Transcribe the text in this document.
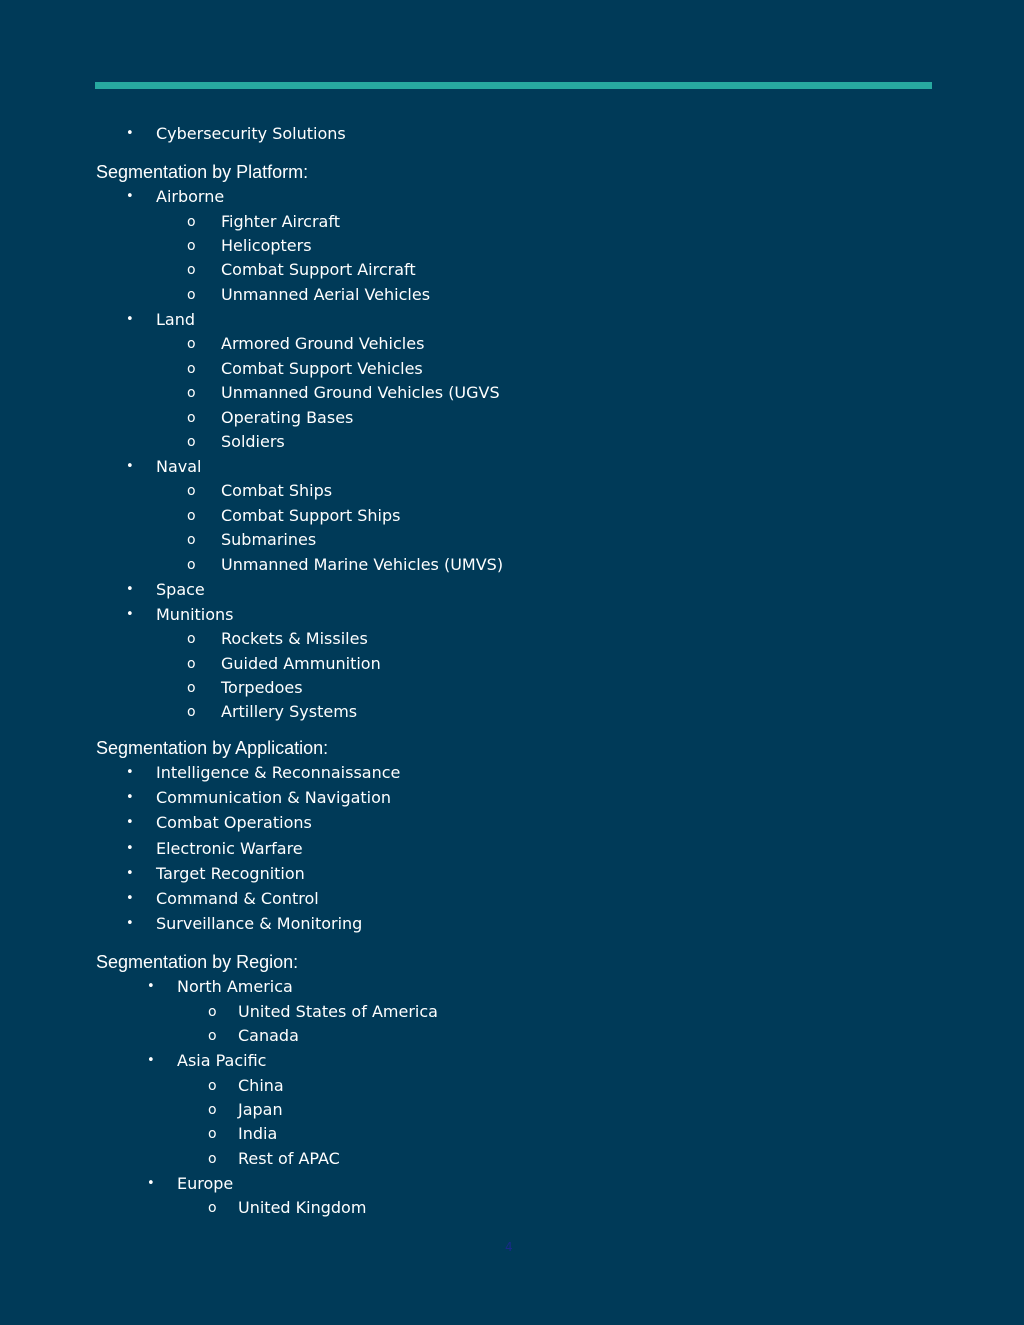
• Cybersecurity Solutions
Segmentation by Platform:
Segmentation by Application:
Segmentation by Region:
• Airborne
o Fighter Aircraft
o Helicopters
o Combat Support Aircraft
o Unmanned Aerial Vehicles
• Land
o Armored Ground Vehicles
o Combat Support Vehicles
o Unmanned Ground Vehicles (UGVS
o Operating Bases
o Soldiers
• Naval
o Combat Ships
o Combat Support Ships
o Submarines
o Unmanned Marine Vehicles (UMVS)
• Space
• Munitions
o Rockets & Missiles
o Guided Ammunition
o Torpedoes
o Artillery Systems
• Intelligence & Reconnaissance
• Communication & Navigation
• Combat Operations
• Electronic Warfare
• Target Recognition
• Command & Control
• Surveillance & Monitoring
• North America
o United States of America
o Canada
• Asia Pacific
o China
o Japan
o India
o Rest of APAC
• Europe
o United Kingdom
4
